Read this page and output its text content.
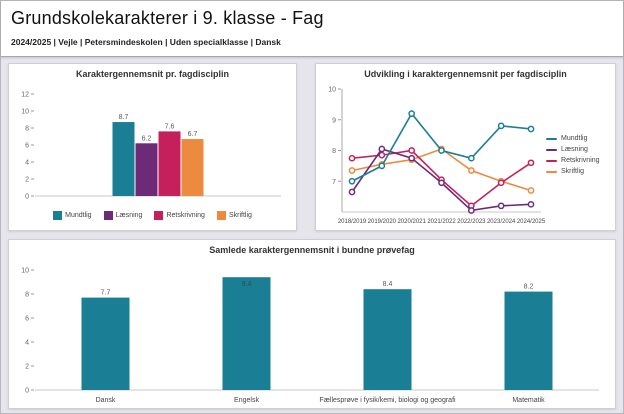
Grundskolekarakterer i 9. klasse - Fag
2024/2025 | Vejle | Petersmindeskolen | Uden specialklasse | Dansk
Karaktergennemsnit pr. fagdisciplin
0
2
4
6
8
10
12
8.7
6.2
7.6
6.7
Mundtlig	Læsning	Retskrivning	Skriftlig
Udvikling i karaktergennemsnit per fagdisciplin
7
8
9
10
2018/2019 2019/2020 2020/2021 2021/2022 2022/2023 2023/2024 2024/2025
Mundtlig
Læsning
Retskrivning
Skriftlig
Samlede karaktergennemsnit i bundne prøvefag
0
2
4
6
8
10
7.7
Dansk
9.4
Engelsk
8.4
Fællesprøve i fysik/kemi, biologi og geografi
8.2
Matematik
